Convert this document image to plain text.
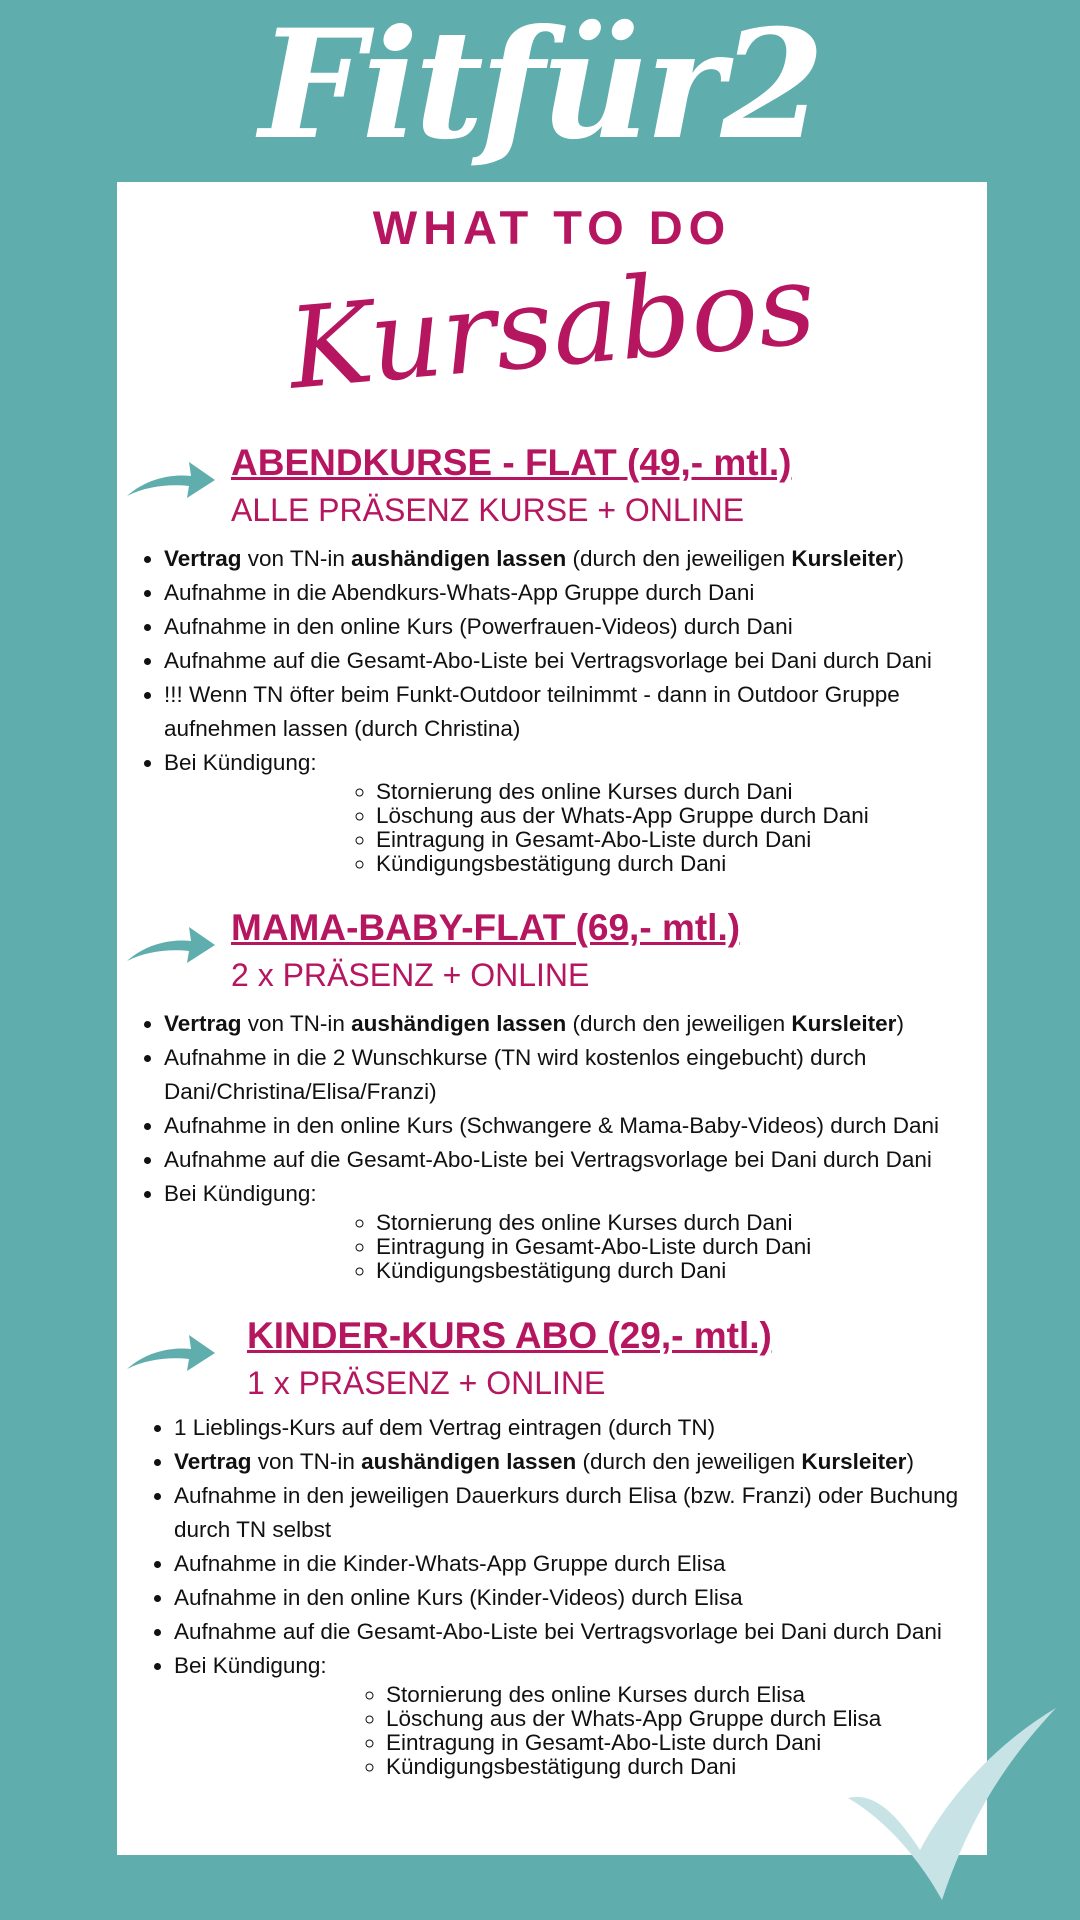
Fitfür2
WHAT TO DO
Kursabos
ABENDKURSE - FLAT (49,- mtl.)
ALLE PRÄSENZ KURSE + ONLINE
• Vertrag von TN-in aushändigen lassen (durch den jeweiligen Kursleiter)
• Aufnahme in die Abendkurs-Whats-App Gruppe durch Dani
• Aufnahme in den online Kurs (Powerfrauen-Videos) durch Dani
• Aufnahme auf die Gesamt-Abo-Liste bei Vertragsvorlage bei Dani durch Dani
• !!! Wenn TN öfter beim Funkt-Outdoor teilnimmt - dann in Outdoor Gruppe aufnehmen lassen (durch Christina)
• Bei Kündigung:
◦ Stornierung des online Kurses durch Dani
◦ Löschung aus der Whats-App Gruppe durch Dani
◦ Eintragung in Gesamt-Abo-Liste durch Dani
◦ Kündigungsbestätigung durch Dani
MAMA-BABY-FLAT (69,- mtl.)
2 x PRÄSENZ + ONLINE
• Vertrag von TN-in aushändigen lassen (durch den jeweiligen Kursleiter)
• Aufnahme in die 2 Wunschkurse (TN wird kostenlos eingebucht) durch Dani/Christina/Elisa/Franzi)
• Aufnahme in den online Kurs (Schwangere & Mama-Baby-Videos) durch Dani
• Aufnahme auf die Gesamt-Abo-Liste bei Vertragsvorlage bei Dani durch Dani
• Bei Kündigung:
◦ Stornierung des online Kurses durch Dani
◦ Eintragung in Gesamt-Abo-Liste durch Dani
◦ Kündigungsbestätigung durch Dani
KINDER-KURS ABO (29,- mtl.)
1 x PRÄSENZ + ONLINE
• 1 Lieblings-Kurs auf dem Vertrag eintragen (durch TN)
• Vertrag von TN-in aushändigen lassen (durch den jeweiligen Kursleiter)
• Aufnahme in den jeweiligen Dauerkurs durch Elisa (bzw. Franzi) oder Buchung durch TN selbst
• Aufnahme in die Kinder-Whats-App Gruppe durch Elisa
• Aufnahme in den online Kurs (Kinder-Videos) durch Elisa
• Aufnahme auf die Gesamt-Abo-Liste bei Vertragsvorlage bei Dani durch Dani
• Bei Kündigung:
◦ Stornierung des online Kurses durch Elisa
◦ Löschung aus der Whats-App Gruppe durch Elisa
◦ Eintragung in Gesamt-Abo-Liste durch Dani
◦ Kündigungsbestätigung durch Dani
